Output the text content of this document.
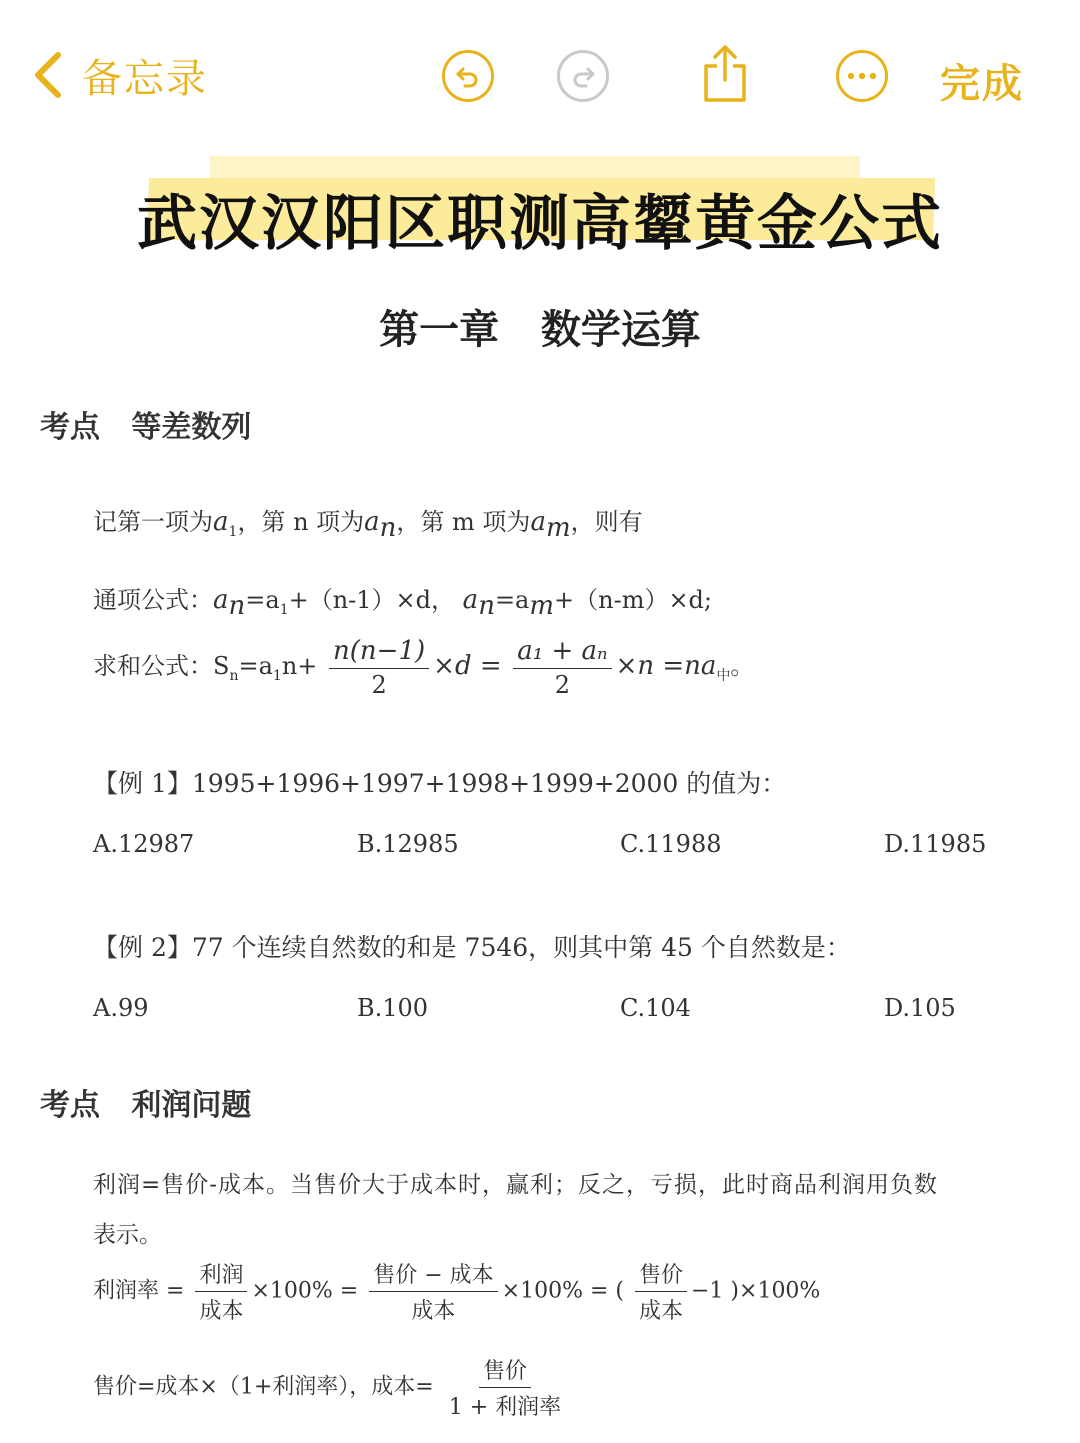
备忘录	完成
武汉汉阳区职测高颦黄金公式
第一章   数学运算
考点   等差数列
记第一项为$a_1$，第 n 项为$a_n$，第 m 项为$a_m$，则有
通项公式：$a_n=a_1+(n-1)\times d$， $a_n=a_m+(n-m)\times d$;
求和公式：$S_n=a_1n+ \frac{n(n-1)}{2} \times d = \frac{\text{a₁ + aₙ}}{2} \times n =na_中$。
【例 1】1995+1996+1997+1998+1999+2000 的值为：
A.12987	B.12985	C.11988	D.11985
【例 2】77 个连续自然数的和是 7546，则其中第 45 个自然数是：
A.99	B.100	C.104	D.105
考点   利润问题
利润=售价-成本。当售价大于成本时，赢利；反之，亏损，此时商品利润用负数
表示。
利润率 = $\frac{\text{利润}}{\text{成本}} \times 100\% = \frac{\text{售价 − 成本}}{\text{成本}} \times 100\%$ = ( $\frac{\text{售价}}{\text{成本}} -1$ )×100%
售价=成本×（1+利润率），成本= $\frac{\text{售价}}{\text{1 + 利润率}}$
